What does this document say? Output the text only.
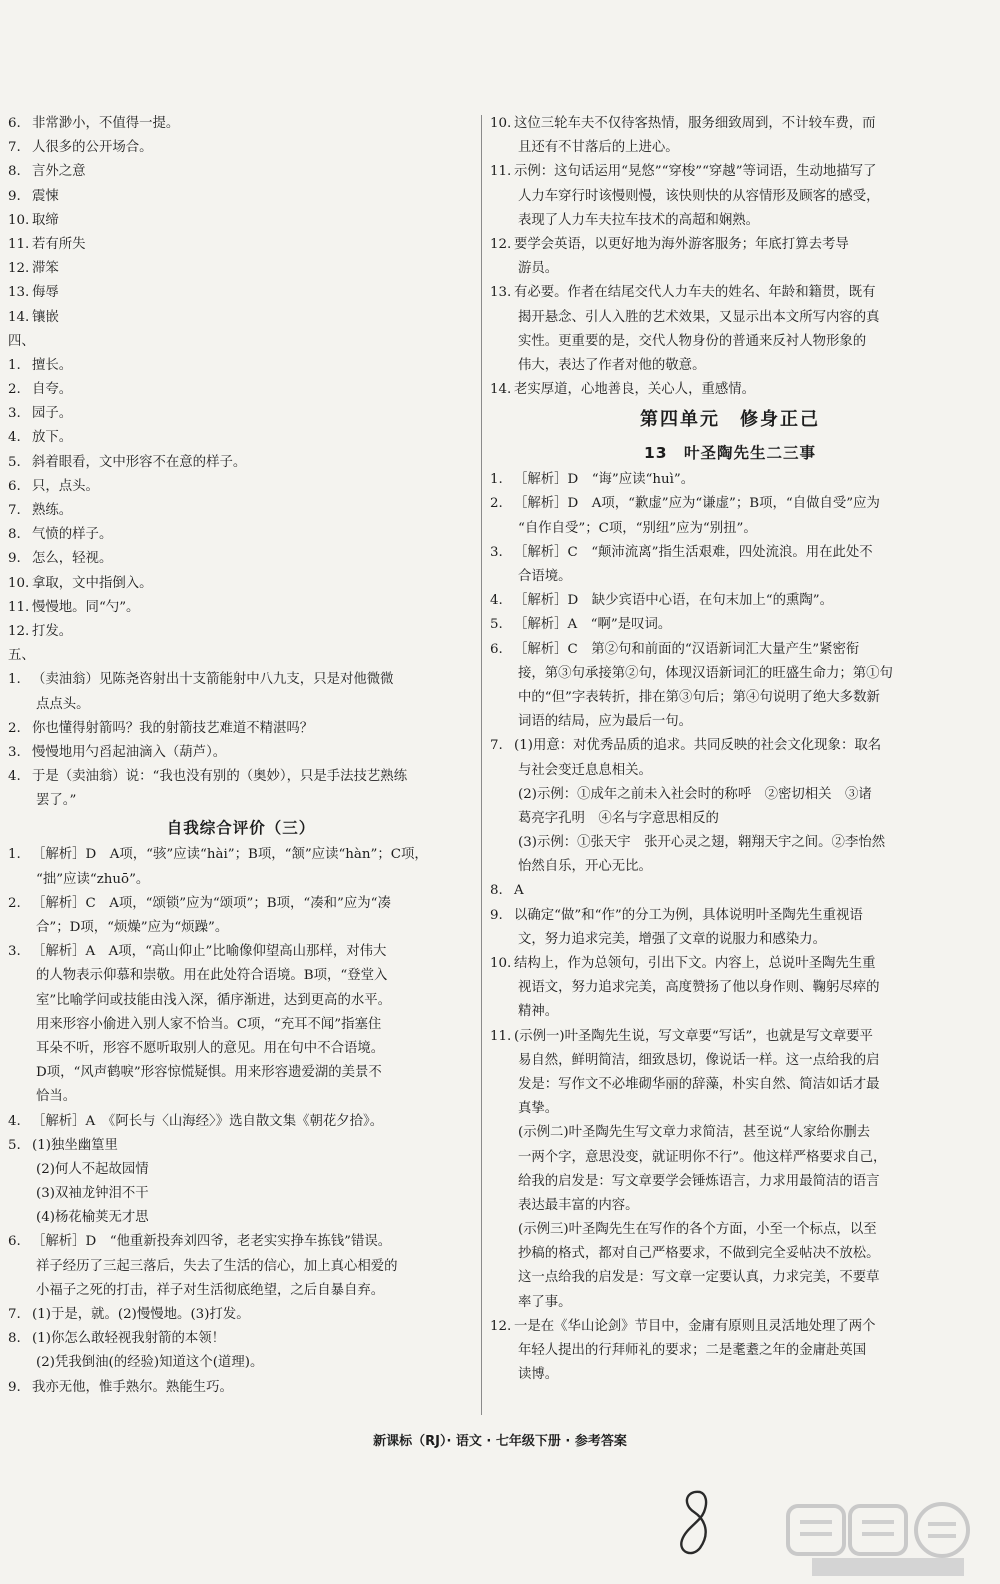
6. 非常渺小，不值得一提。
7. 人很多的公开场合。
8. 言外之意
9. 震悚
10. 取缔
11. 若有所失
12. 滞笨
13. 侮辱
14. 镶嵌
四、
1. 擅长。
2. 自夸。
3. 园子。
4. 放下。
5. 斜着眼看，文中形容不在意的样子。
6. 只，点头。
7. 熟练。
8. 气愤的样子。
9. 怎么，轻视。
10. 拿取，文中指倒入。
11. 慢慢地。同“勺”。
12. 打发。
五、
1. （卖油翁）见陈尧咨射出十支箭能射中八九支，只是对他微微
点点头。
2. 你也懂得射箭吗？我的射箭技艺难道不精湛吗？
3. 慢慢地用勺舀起油滴入（葫芦）。
4. 于是（卖油翁）说：“我也没有别的（奥妙），只是手法技艺熟练
罢了。”
自我综合评价（三）
1. ［解析］D　A项，“骇”应读“hài”；B项，“颔”应读“hàn”；C项，
“拙”应读“zhuō”。
2. ［解析］C　A项，“颂锁”应为“颂项”；B项，“凑和”应为“凑
合”；D项，“烦燥”应为“烦躁”。
3. ［解析］A　A项，“高山仰止”比喻像仰望高山那样，对伟大
的人物表示仰慕和崇敬。用在此处符合语境。B项，“登堂入
室”比喻学问或技能由浅入深，循序渐进，达到更高的水平。
用来形容小偷进入别人家不恰当。C项，“充耳不闻”指塞住
耳朵不听，形容不愿听取别人的意见。用在句中不合语境。
D项，“风声鹤唳”形容惊慌疑惧。用来形容遗爱湖的美景不
恰当。
4. ［解析］A　《阿长与〈山海经〉》选自散文集《朝花夕拾》。
5. (1)独坐幽篁里
(2)何人不起故园情
(3)双袖龙钟泪不干
(4)杨花榆荚无才思
6. ［解析］D　“他重新投奔刘四爷，老老实实挣车拣钱”错误。
祥子经历了三起三落后，失去了生活的信心，加上真心相爱的
小福子之死的打击，祥子对生活彻底绝望，之后自暴自弃。
7. (1)于是，就。(2)慢慢地。(3)打发。
8. (1)你怎么敢轻视我射箭的本领！
(2)凭我倒油(的经验)知道这个(道理)。
9. 我亦无他，惟手熟尔。熟能生巧。
10. 这位三轮车夫不仅待客热情，服务细致周到，不计较车费，而
且还有不甘落后的上进心。
11. 示例：这句话运用“晃悠”“穿梭”“穿越”等词语，生动地描写了
人力车穿行时该慢则慢，该快则快的从容情形及顾客的感受，
表现了人力车夫拉车技术的高超和娴熟。
12. 要学会英语，以更好地为海外游客服务；年底打算去考导
游员。
13. 有必要。作者在结尾交代人力车夫的姓名、年龄和籍贯，既有
揭开悬念、引人入胜的艺术效果，又显示出本文所写内容的真
实性。更重要的是，交代人物身份的普通来反衬人物形象的
伟大，表达了作者对他的敬意。
14. 老实厚道，心地善良，关心人，重感情。
第四单元　修身正己
13　叶圣陶先生二三事
1. ［解析］D　“诲”应读“huì”。
2. ［解析］D　A项，“歉虚”应为“谦虚”；B项，“自做自受”应为
“自作自受”；C项，“别纽”应为“别扭”。
3. ［解析］C　“颠沛流离”指生活艰难，四处流浪。用在此处不
合语境。
4. ［解析］D　缺少宾语中心语，在句末加上“的熏陶”。
5. ［解析］A　“啊”是叹词。
6. ［解析］C　第②句和前面的“汉语新词汇大量产生”紧密衔
接，第③句承接第②句，体现汉语新词汇的旺盛生命力；第①句
中的“但”字表转折，排在第③句后；第④句说明了绝大多数新
词语的结局，应为最后一句。
7. (1)用意：对优秀品质的追求。共同反映的社会文化现象：取名
与社会变迁息息相关。
(2)示例：①成年之前未入社会时的称呼　②密切相关　③诸
葛亮字孔明　④名与字意思相反的
(3)示例：①张天宇　张开心灵之翅，翱翔天宇之间。②李怡然
怡然自乐，开心无比。
8. A
9. 以确定“做”和“作”的分工为例，具体说明叶圣陶先生重视语
文，努力追求完美，增强了文章的说服力和感染力。
10. 结构上，作为总领句，引出下文。内容上，总说叶圣陶先生重
视语文，努力追求完美，高度赞扬了他以身作则、鞠躬尽瘁的
精神。
11. (示例一)叶圣陶先生说，写文章要“写话”，也就是写文章要平
易自然，鲜明简洁，细致恳切，像说话一样。这一点给我的启
发是：写作文不必堆砌华丽的辞藻，朴实自然、简洁如话才最
真挚。
(示例二)叶圣陶先生写文章力求简洁，甚至说“人家给你删去
一两个字，意思没变，就证明你不行”。他这样严格要求自己，
给我的启发是：写文章要学会锤炼语言，力求用最简洁的语言
表达最丰富的内容。
(示例三)叶圣陶先生在写作的各个方面，小至一个标点，以至
抄稿的格式，都对自己严格要求，不做到完全妥帖决不放松。
这一点给我的启发是：写文章一定要认真，力求完美，不要草
率了事。
12. 一是在《华山论剑》节目中，金庸有原则且灵活地处理了两个
年轻人提出的行拜师礼的要求；二是耄耋之年的金庸赴英国
读博。
新课标（RJ）· 语文 · 七年级下册 · 参考答案
